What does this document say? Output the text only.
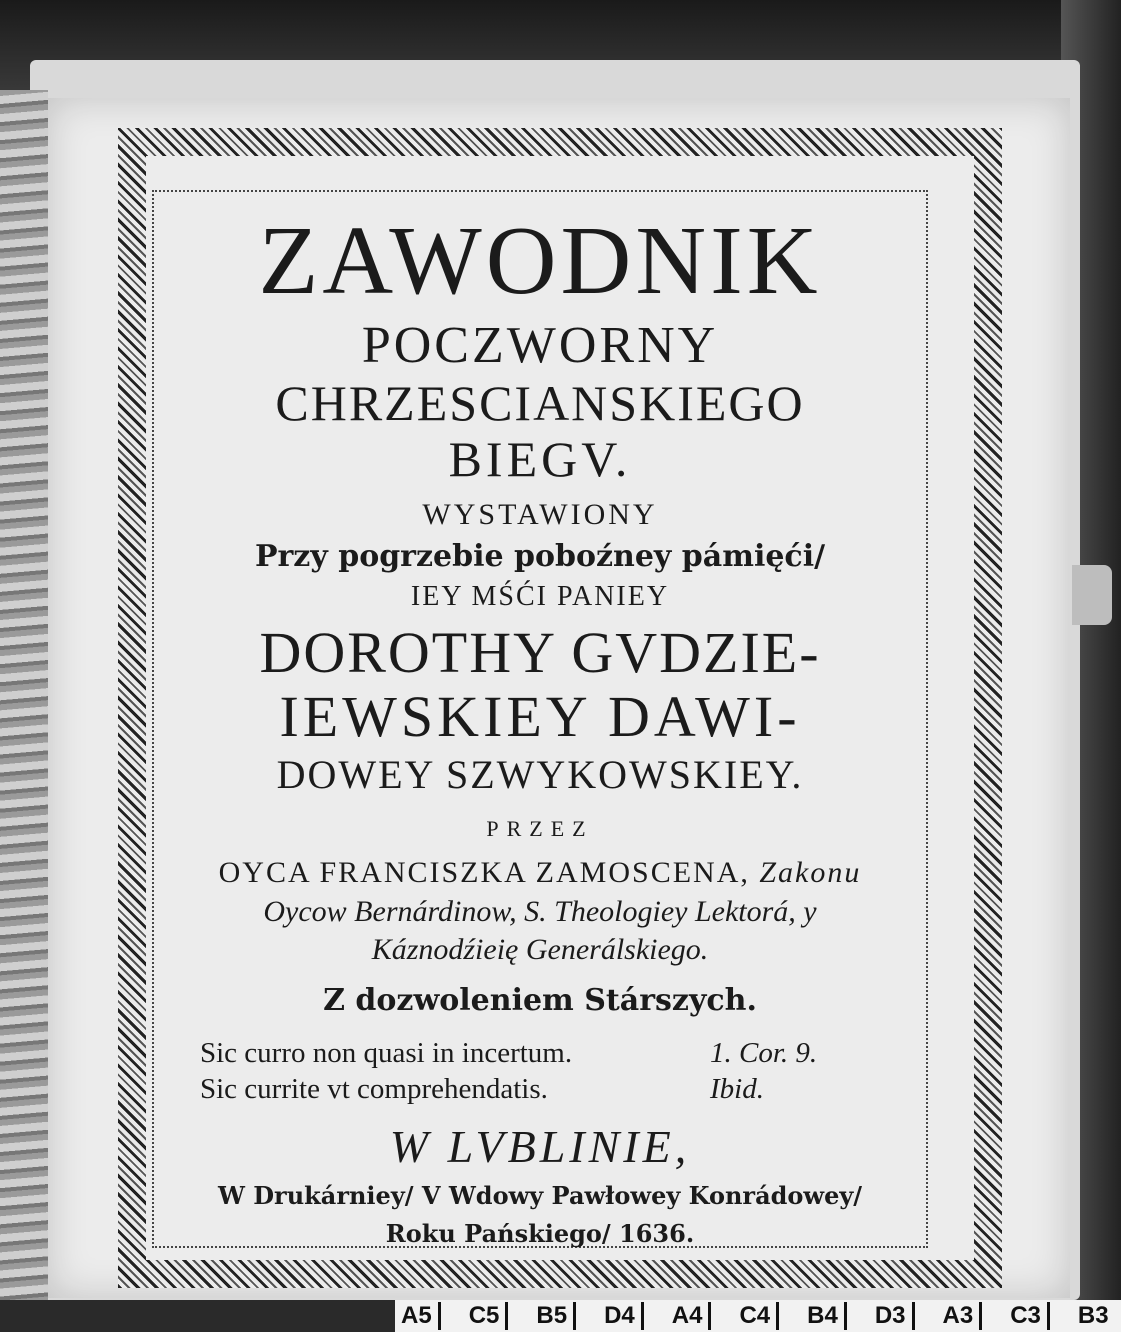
ZAWODNIK
POCZWORNY
CHRZESCIANSKIEGO
BIEGV.
WYSTAWIONY
Przy pogrzebie poboźney pámięći/
IEY MŚĆI PANIEY
DOROTHY GVDZIE-
IEWSKIEY DAWI-
DOWEY SZWYKOWSKIEY.
PRZEZ
OYCA FRANCISZKA ZAMOSCENA, Zakonu
Oycow Bernárdinow, S. Theologiey Lektorá, y
Káznodźieię Generálskiego.
Z dozwoleniem Stárszych.
Sic curro non quasi in incertum.	1. Cor. 9.
Sic currite vt comprehendatis.	Ibid.
W LVBLINIE,
W Drukárniey/ V Wdowy Pawłowey Konrádowey/
Roku Pańskiego/ 1636.
A5	C5	B5	D4	A4	C4	B4	D3	A3	C3	B3
